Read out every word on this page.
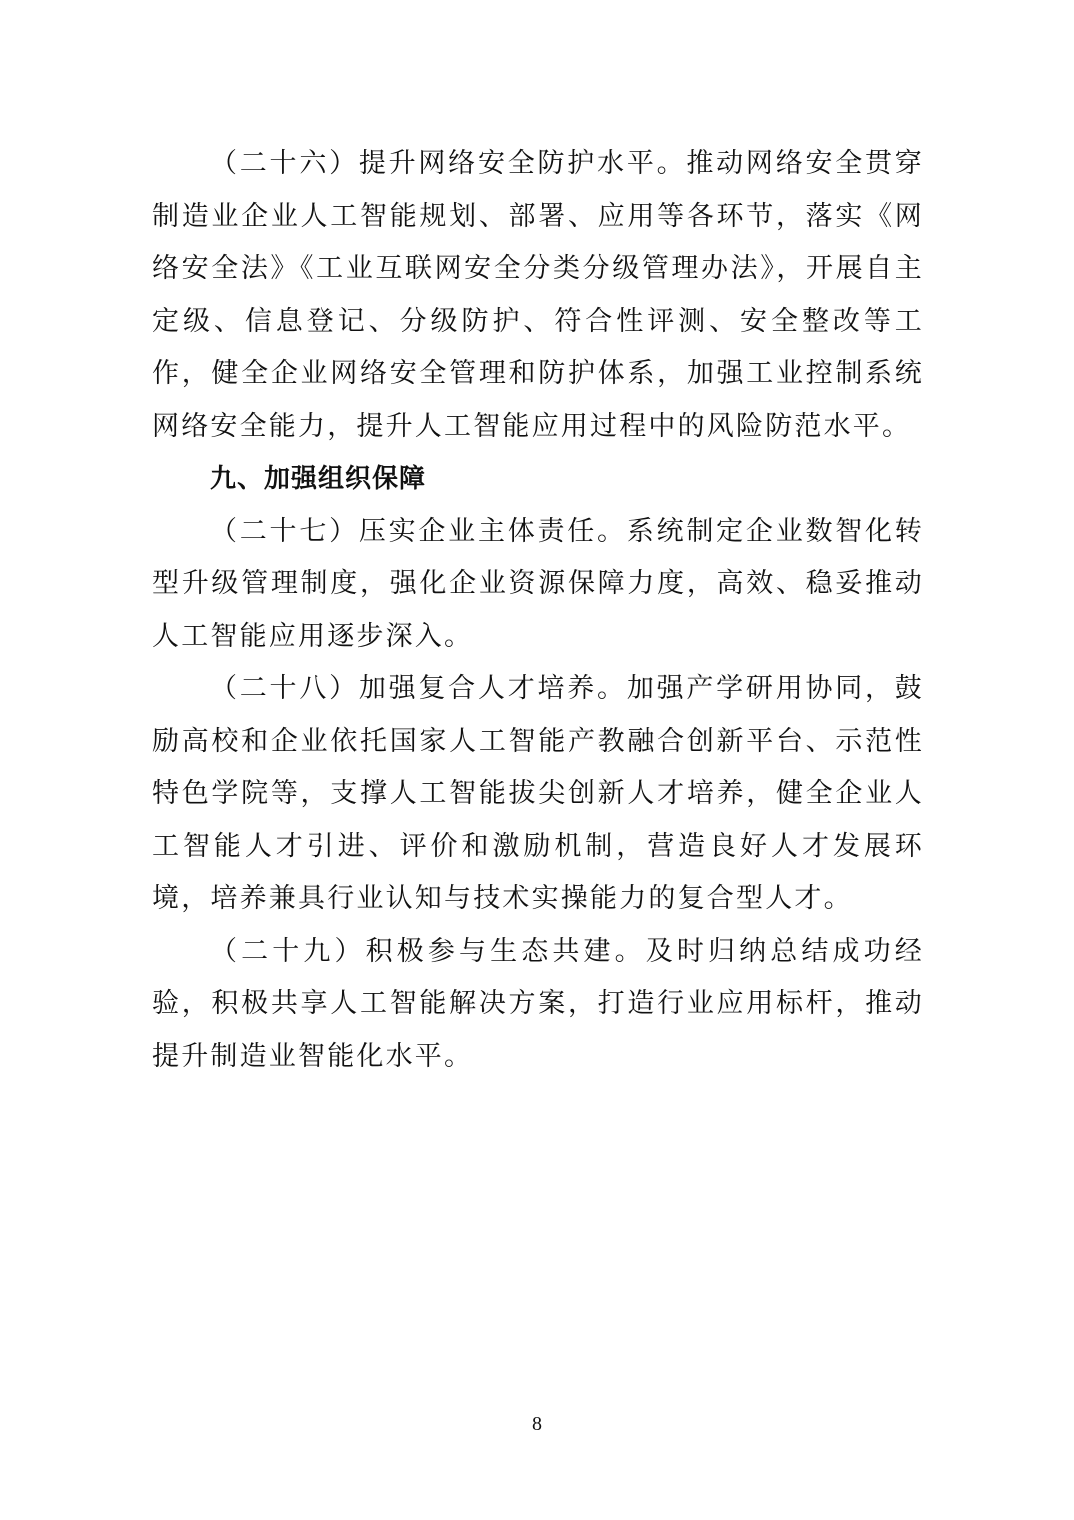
（二十六）提升网络安全防护水平。推动网络安全贯穿制造业企业人工智能规划、部署、应用等各环节，落实《网络安全法》《工业互联网安全分类分级管理办法》，开展自主定级、信息登记、分级防护、符合性评测、安全整改等工作，健全企业网络安全管理和防护体系，加强工业控制系统网络安全能力，提升人工智能应用过程中的风险防范水平。

九、加强组织保障

（二十七）压实企业主体责任。系统制定企业数智化转型升级管理制度，强化企业资源保障力度，高效、稳妥推动人工智能应用逐步深入。

（二十八）加强复合人才培养。加强产学研用协同，鼓励高校和企业依托国家人工智能产教融合创新平台、示范性特色学院等，支撑人工智能拔尖创新人才培养，健全企业人工智能人才引进、评价和激励机制，营造良好人才发展环境，培养兼具行业认知与技术实操能力的复合型人才。

（二十九）积极参与生态共建。及时归纳总结成功经验，积极共享人工智能解决方案，打造行业应用标杆，推动提升制造业智能化水平。

8
